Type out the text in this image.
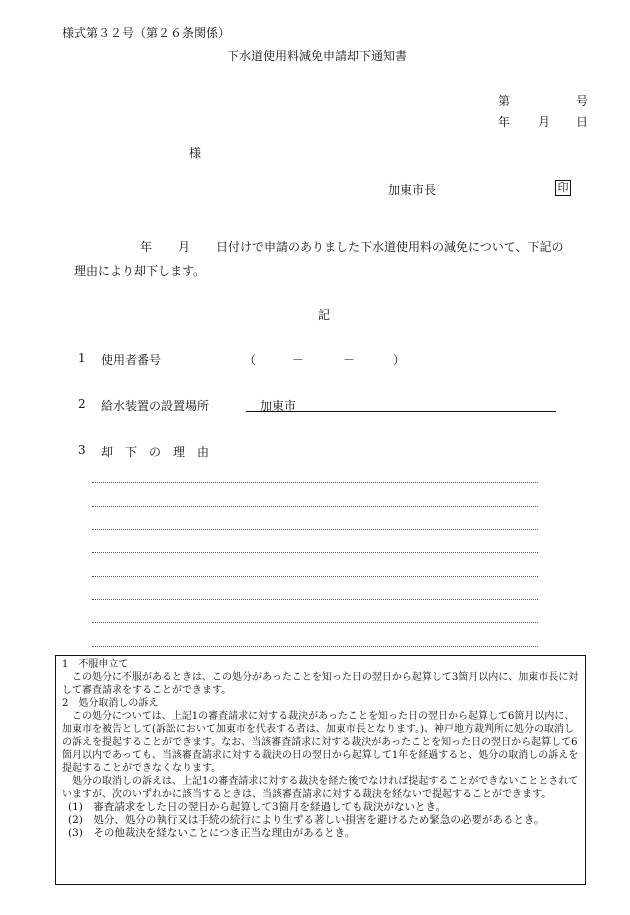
様式第３２号（第２６条関係）
下水道使用料減免申請却下通知書
第	号
年 月 日
様
加東市長	印
年 月 日付けで申請のありました下水道使用料の減免について、下記の
理由により却下します。
記
1 使用者番号	（	－	－	）
2 給水装置の設置場所	加東市
3 却　下　の　理　由

1　不服申立て

この処分に不服があるときは、この処分があったことを知った日の翌日から起算して3箇月以内に、加東市長に対して審査請求をすることができます。

2　処分取消しの訴え

この処分については、上記1の審査請求に対する裁決があったことを知った日の翌日から起算して6箇月以内に、加東市を被告として(訴訟において加東市を代表する者は、加東市長となります。)、神戸地方裁判所に処分の取消しの訴えを提起することができます。なお、当該審査請求に対する裁決があったことを知った日の翌日から起算して6箇月以内であっても、当該審査請求に対する裁決の日の翌日から起算して1年を経過すると、処分の取消しの訴えを提起することができなくなります。

処分の取消しの訴えは、上記1の審査請求に対する裁決を経た後でなければ提起することができないこととされていますが、次のいずれかに該当するときは、当該審査請求に対する裁決を経ないで提起することができます。

(1)　審査請求をした日の翌日から起算して3箇月を経過しても裁決がないとき。

(2)　処分、処分の執行又は手続の続行により生ずる著しい損害を避けるため緊急の必要があるとき。

(3)　その他裁決を経ないことにつき正当な理由があるとき。
